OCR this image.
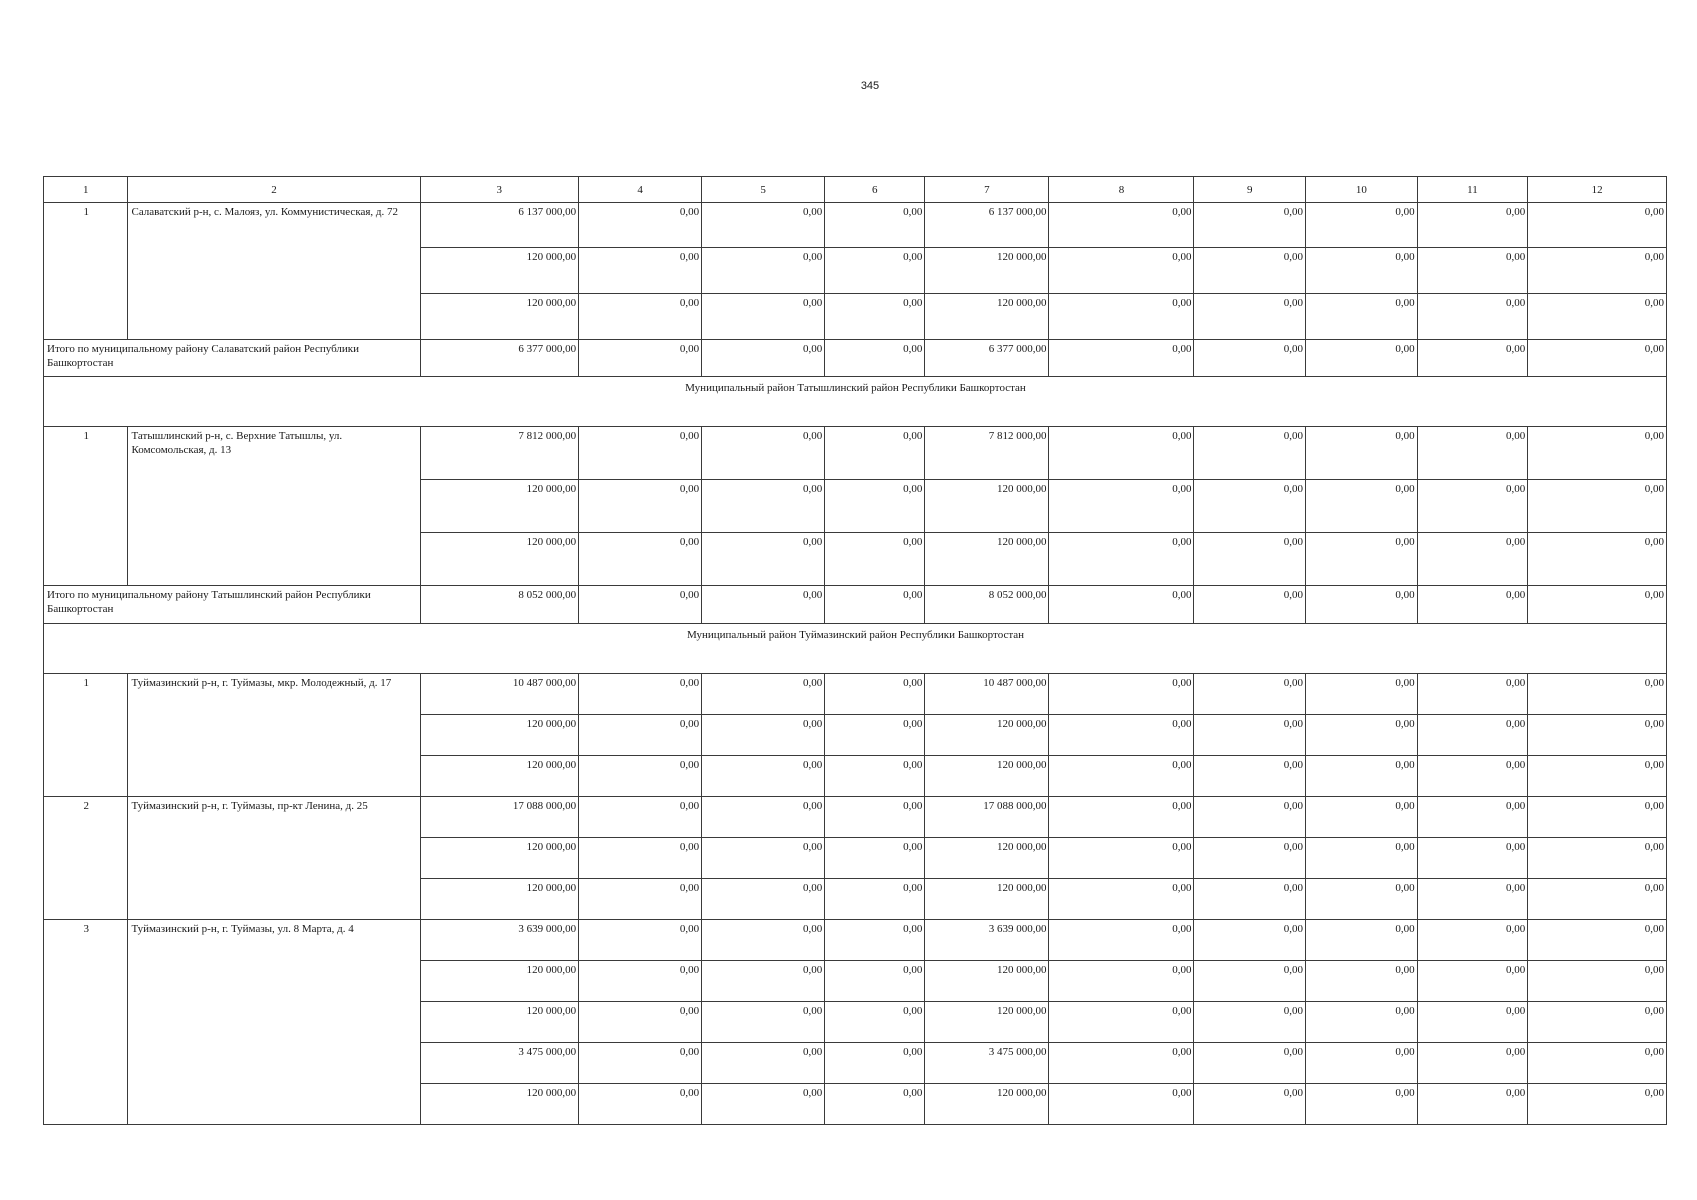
345
1	2	3	4	5	6	7	8	9	10	11	12
1	Салаватский р-н, с. Малояз, ул. Коммунистическая, д. 72	6 137 000,00	0,00	0,00	0,00	6 137 000,00	0,00	0,00	0,00	0,00	0,00
		120 000,00	0,00	0,00	0,00	120 000,00	0,00	0,00	0,00	0,00	0,00
		120 000,00	0,00	0,00	0,00	120 000,00	0,00	0,00	0,00	0,00	0,00
Итого по муниципальному району Салаватский район Республики Башкортостан		6 377 000,00	0,00	0,00	0,00	6 377 000,00	0,00	0,00	0,00	0,00	0,00
Муниципальный район Татышлинский район Республики Башкортостан											
1	Татышлинский р-н, с. Верхние Татышлы, ул. Комсомольская, д. 13	7 812 000,00	0,00	0,00	0,00	7 812 000,00	0,00	0,00	0,00	0,00	0,00
		120 000,00	0,00	0,00	0,00	120 000,00	0,00	0,00	0,00	0,00	0,00
		120 000,00	0,00	0,00	0,00	120 000,00	0,00	0,00	0,00	0,00	0,00
Итого по муниципальному району Татышлинский район Республики Башкортостан		8 052 000,00	0,00	0,00	0,00	8 052 000,00	0,00	0,00	0,00	0,00	0,00
Муниципальный район Туймазинский район Республики Башкортостан											
1	Туймазинский р-н, г. Туймазы, мкр. Молодежный, д. 17	10 487 000,00	0,00	0,00	0,00	10 487 000,00	0,00	0,00	0,00	0,00	0,00
		120 000,00	0,00	0,00	0,00	120 000,00	0,00	0,00	0,00	0,00	0,00
		120 000,00	0,00	0,00	0,00	120 000,00	0,00	0,00	0,00	0,00	0,00
2	Туймазинский р-н, г. Туймазы, пр-кт Ленина, д. 25	17 088 000,00	0,00	0,00	0,00	17 088 000,00	0,00	0,00	0,00	0,00	0,00
		120 000,00	0,00	0,00	0,00	120 000,00	0,00	0,00	0,00	0,00	0,00
		120 000,00	0,00	0,00	0,00	120 000,00	0,00	0,00	0,00	0,00	0,00
3	Туймазинский р-н, г. Туймазы, ул. 8 Марта, д. 4	3 639 000,00	0,00	0,00	0,00	3 639 000,00	0,00	0,00	0,00	0,00	0,00
		120 000,00	0,00	0,00	0,00	120 000,00	0,00	0,00	0,00	0,00	0,00
		120 000,00	0,00	0,00	0,00	120 000,00	0,00	0,00	0,00	0,00	0,00
		3 475 000,00	0,00	0,00	0,00	3 475 000,00	0,00	0,00	0,00	0,00	0,00
		120 000,00	0,00	0,00	0,00	120 000,00	0,00	0,00	0,00	0,00	0,00
